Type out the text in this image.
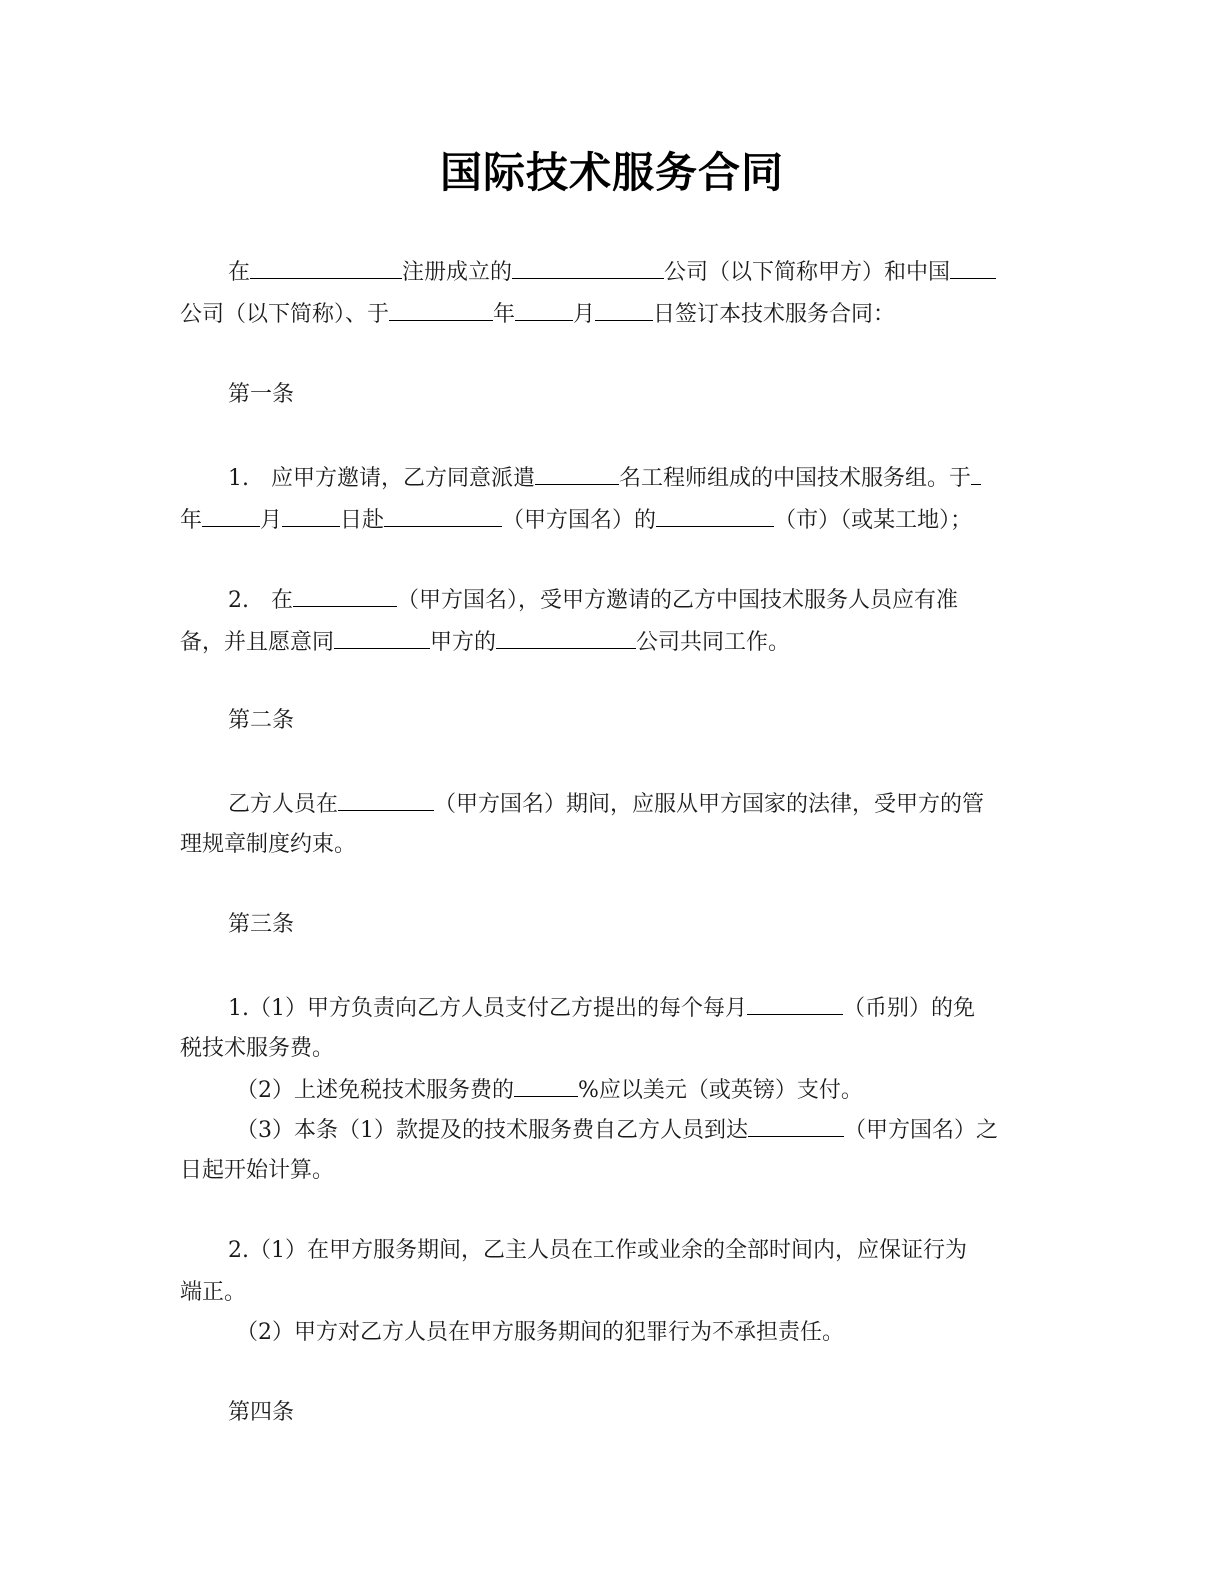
国际技术服务合同
在	注册成立的	公司（以下简称甲方）和中国
公司（以下简称）、于	年	月	日签订本技术服务合同：
第一条
1.　应甲方邀请，乙方同意派遣	名工程师组成的中国技术服务组。于
年	月	日赴	（甲方国名）的	（市）（或某工地）；
2.　在	（甲方国名），受甲方邀请的乙方中国技术服务人员应有准
备，并且愿意同	甲方的	公司共同工作。
第二条
乙方人员在	（甲方国名）期间，应服从甲方国家的法律，受甲方的管
理规章制度约束。
第三条
1.（1）甲方负责向乙方人员支付乙方提出的每个每月	（币别）的免
税技术服务费。
（2）上述免税技术服务费的	%应以美元（或英镑）支付。
（3）本条（1）款提及的技术服务费自乙方人员到达	（甲方国名）之
日起开始计算。
2.（1）在甲方服务期间，乙主人员在工作或业余的全部时间内，应保证行为
端正。
（2）甲方对乙方人员在甲方服务期间的犯罪行为不承担责任。
第四条
